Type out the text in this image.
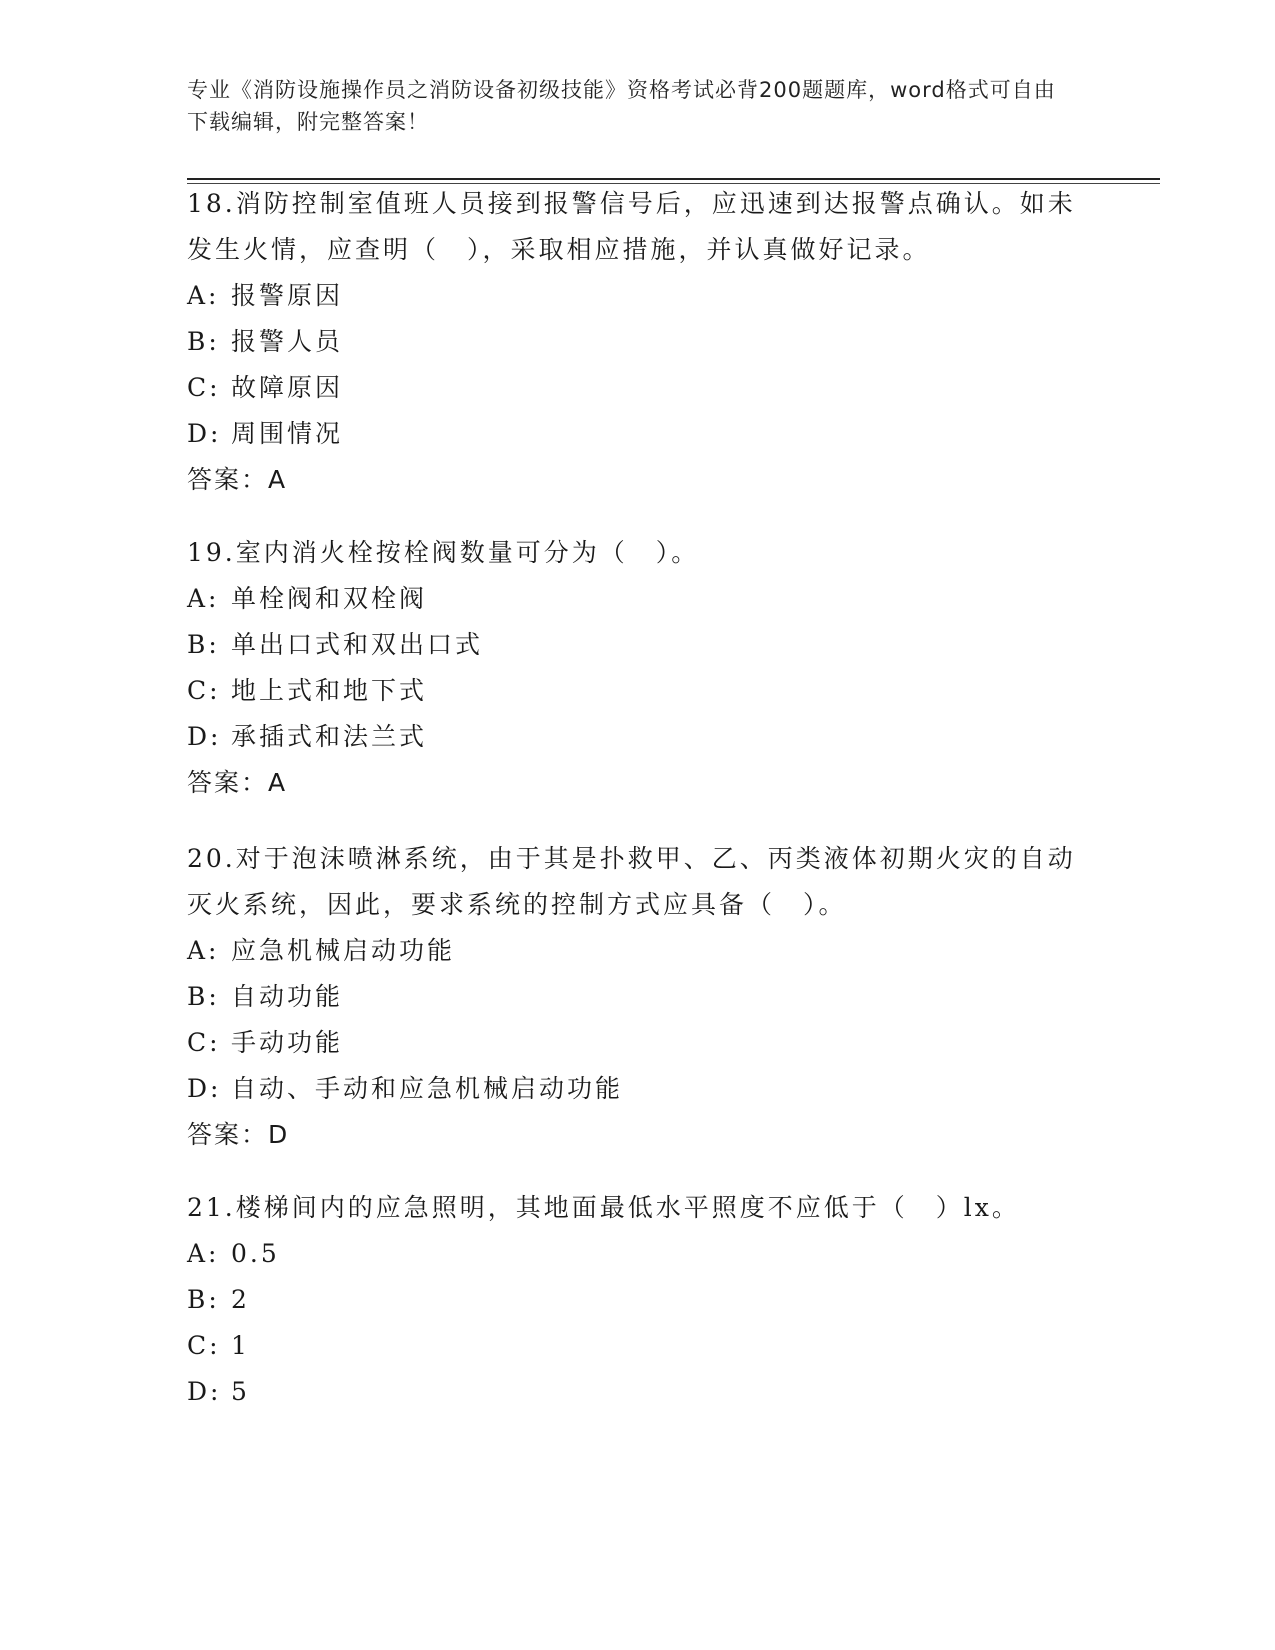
专业《消防设施操作员之消防设备初级技能》资格考试必背200题题库，word格式可自由下载编辑，附完整答案！

18.消防控制室值班人员接到报警信号后，应迅速到达报警点确认。如未发生火情，应查明（　），采取相应措施，并认真做好记录。

A: 报警原因

B: 报警人员

C: 故障原因

D: 周围情况

答案：A

19.室内消火栓按栓阀数量可分为（　）。

A: 单栓阀和双栓阀

B: 单出口式和双出口式

C: 地上式和地下式

D: 承插式和法兰式

答案：A

20.对于泡沫喷淋系统，由于其是扑救甲、乙、丙类液体初期火灾的自动灭火系统，因此，要求系统的控制方式应具备（　）。

A: 应急机械启动功能

B: 自动功能

C: 手动功能

D: 自动、手动和应急机械启动功能

答案：D

21.楼梯间内的应急照明，其地面最低水平照度不应低于（　）lx。

A: 0.5

B: 2

C: 1

D: 5
